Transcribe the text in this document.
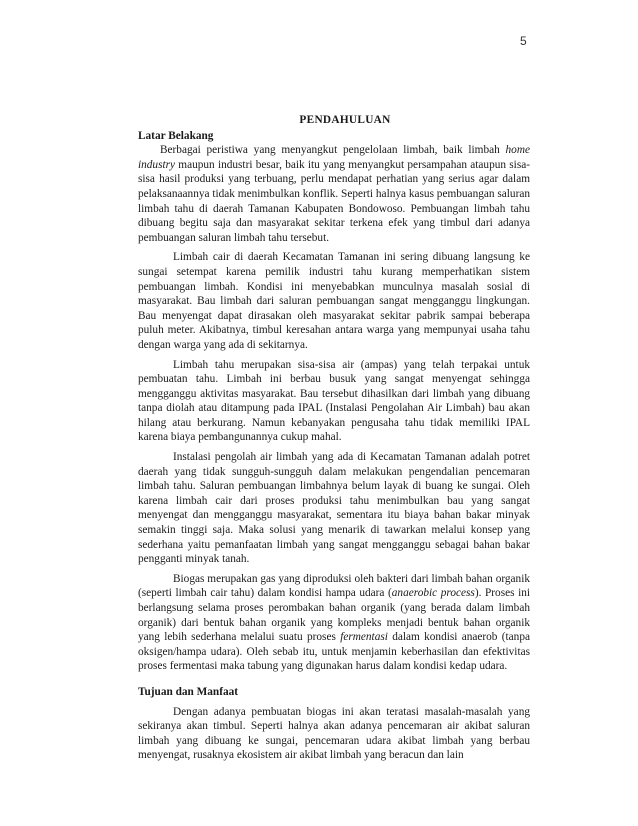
5
PENDAHULUAN
Latar Belakang

Berbagai peristiwa yang menyangkut pengelolaan limbah, baik limbah home industry maupun industri besar, baik itu yang menyangkut persampahan ataupun sisa-sisa hasil produksi yang terbuang, perlu mendapat perhatian yang serius agar dalam pelaksanaannya tidak menimbulkan konflik. Seperti halnya kasus pembuangan saluran limbah tahu di daerah Tamanan Kabupaten Bondowoso. Pembuangan limbah tahu dibuang begitu saja dan masyarakat sekitar terkena efek yang timbul dari adanya pembuangan saluran limbah tahu tersebut.

Limbah cair di daerah Kecamatan Tamanan ini sering dibuang langsung ke sungai setempat karena pemilik industri tahu kurang memperhatikan sistem pembuangan limbah. Kondisi ini menyebabkan munculnya masalah sosial di masyarakat. Bau limbah dari saluran pembuangan sangat mengganggu lingkungan. Bau menyengat dapat dirasakan oleh masyarakat sekitar pabrik sampai beberapa puluh meter. Akibatnya, timbul keresahan antara warga yang mempunyai usaha tahu dengan warga yang ada di sekitarnya.

Limbah tahu merupakan sisa-sisa air (ampas) yang telah terpakai untuk pembuatan tahu. Limbah ini berbau busuk yang sangat menyengat sehingga mengganggu aktivitas masyarakat. Bau tersebut dihasilkan dari limbah yang dibuang tanpa diolah atau ditampung pada IPAL (Instalasi Pengolahan Air Limbah) bau akan hilang atau berkurang. Namun kebanyakan pengusaha tahu tidak memiliki IPAL karena biaya pembangunannya cukup mahal.

Instalasi pengolah air limbah yang ada di Kecamatan Tamanan adalah potret daerah yang tidak sungguh-sungguh dalam melakukan pengendalian pencemaran limbah tahu. Saluran pembuangan limbahnya belum layak di buang ke sungai. Oleh karena limbah cair dari proses produksi tahu menimbulkan bau yang sangat menyengat dan mengganggu masyarakat, sementara itu biaya bahan bakar minyak semakin tinggi saja. Maka solusi yang menarik di tawarkan melalui konsep yang sederhana yaitu pemanfaatan limbah yang sangat mengganggu sebagai bahan bakar pengganti minyak tanah.

Biogas merupakan gas yang diproduksi oleh bakteri dari limbah bahan organik (seperti limbah cair tahu) dalam kondisi hampa udara (anaerobic process). Proses ini berlangsung selama proses perombakan bahan organik (yang berada dalam limbah organik) dari bentuk bahan organik yang kompleks menjadi bentuk bahan organik yang lebih sederhana melalui suatu proses fermentasi dalam kondisi anaerob (tanpa oksigen/hampa udara). Oleh sebab itu, untuk menjamin keberhasilan dan efektivitas proses fermentasi maka tabung yang digunakan harus dalam kondisi kedap udara.

Tujuan dan Manfaat

Dengan adanya pembuatan biogas ini akan teratasi masalah-masalah yang sekiranya akan timbul. Seperti halnya akan adanya pencemaran air akibat saluran limbah yang dibuang ke sungai, pencemaran udara akibat limbah yang berbau menyengat, rusaknya ekosistem air akibat limbah yang beracun dan lain
